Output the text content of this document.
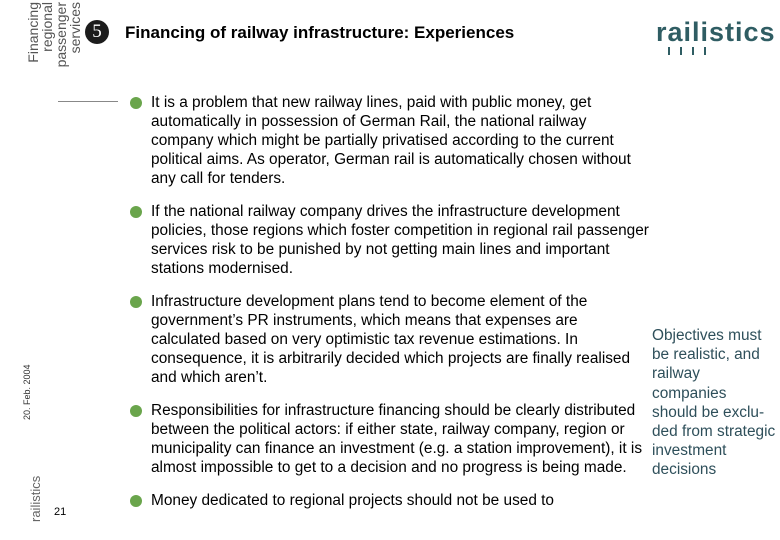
Financing
regional
passenger
services 5	Financing of railway infrastructure: Experiences	railistics
It is a problem that new railway lines, paid with public money, get automatically in possession of German Rail, the national railway company which might be partially privatised according to the current political aims. As operator, German rail is automatically chosen without any call for tenders.
If the national railway company drives the infrastructure development policies, those regions which foster competition in regional rail passenger services risk to be punished by not getting main lines and important stations modernised.
Infrastructure development plans tend to become element of the government’s PR instruments, which means that expenses are calculated based on very optimistic tax revenue estimations. In consequence, it is arbitrarily decided which projects are finally realised and which aren’t.
Responsibilities for infrastructure financing should be clearly distributed between the political actors: if either state, railway company, region or municipality can finance an investment (e.g. a station improvement), it is almost impossible to get to a decision and no progress is being made.
Money dedicated to regional projects should not be used to
Objectives must be realistic, and railway companies should be exclu-ded from strategic investment decisions
20. Feb. 2004
railistics 21
